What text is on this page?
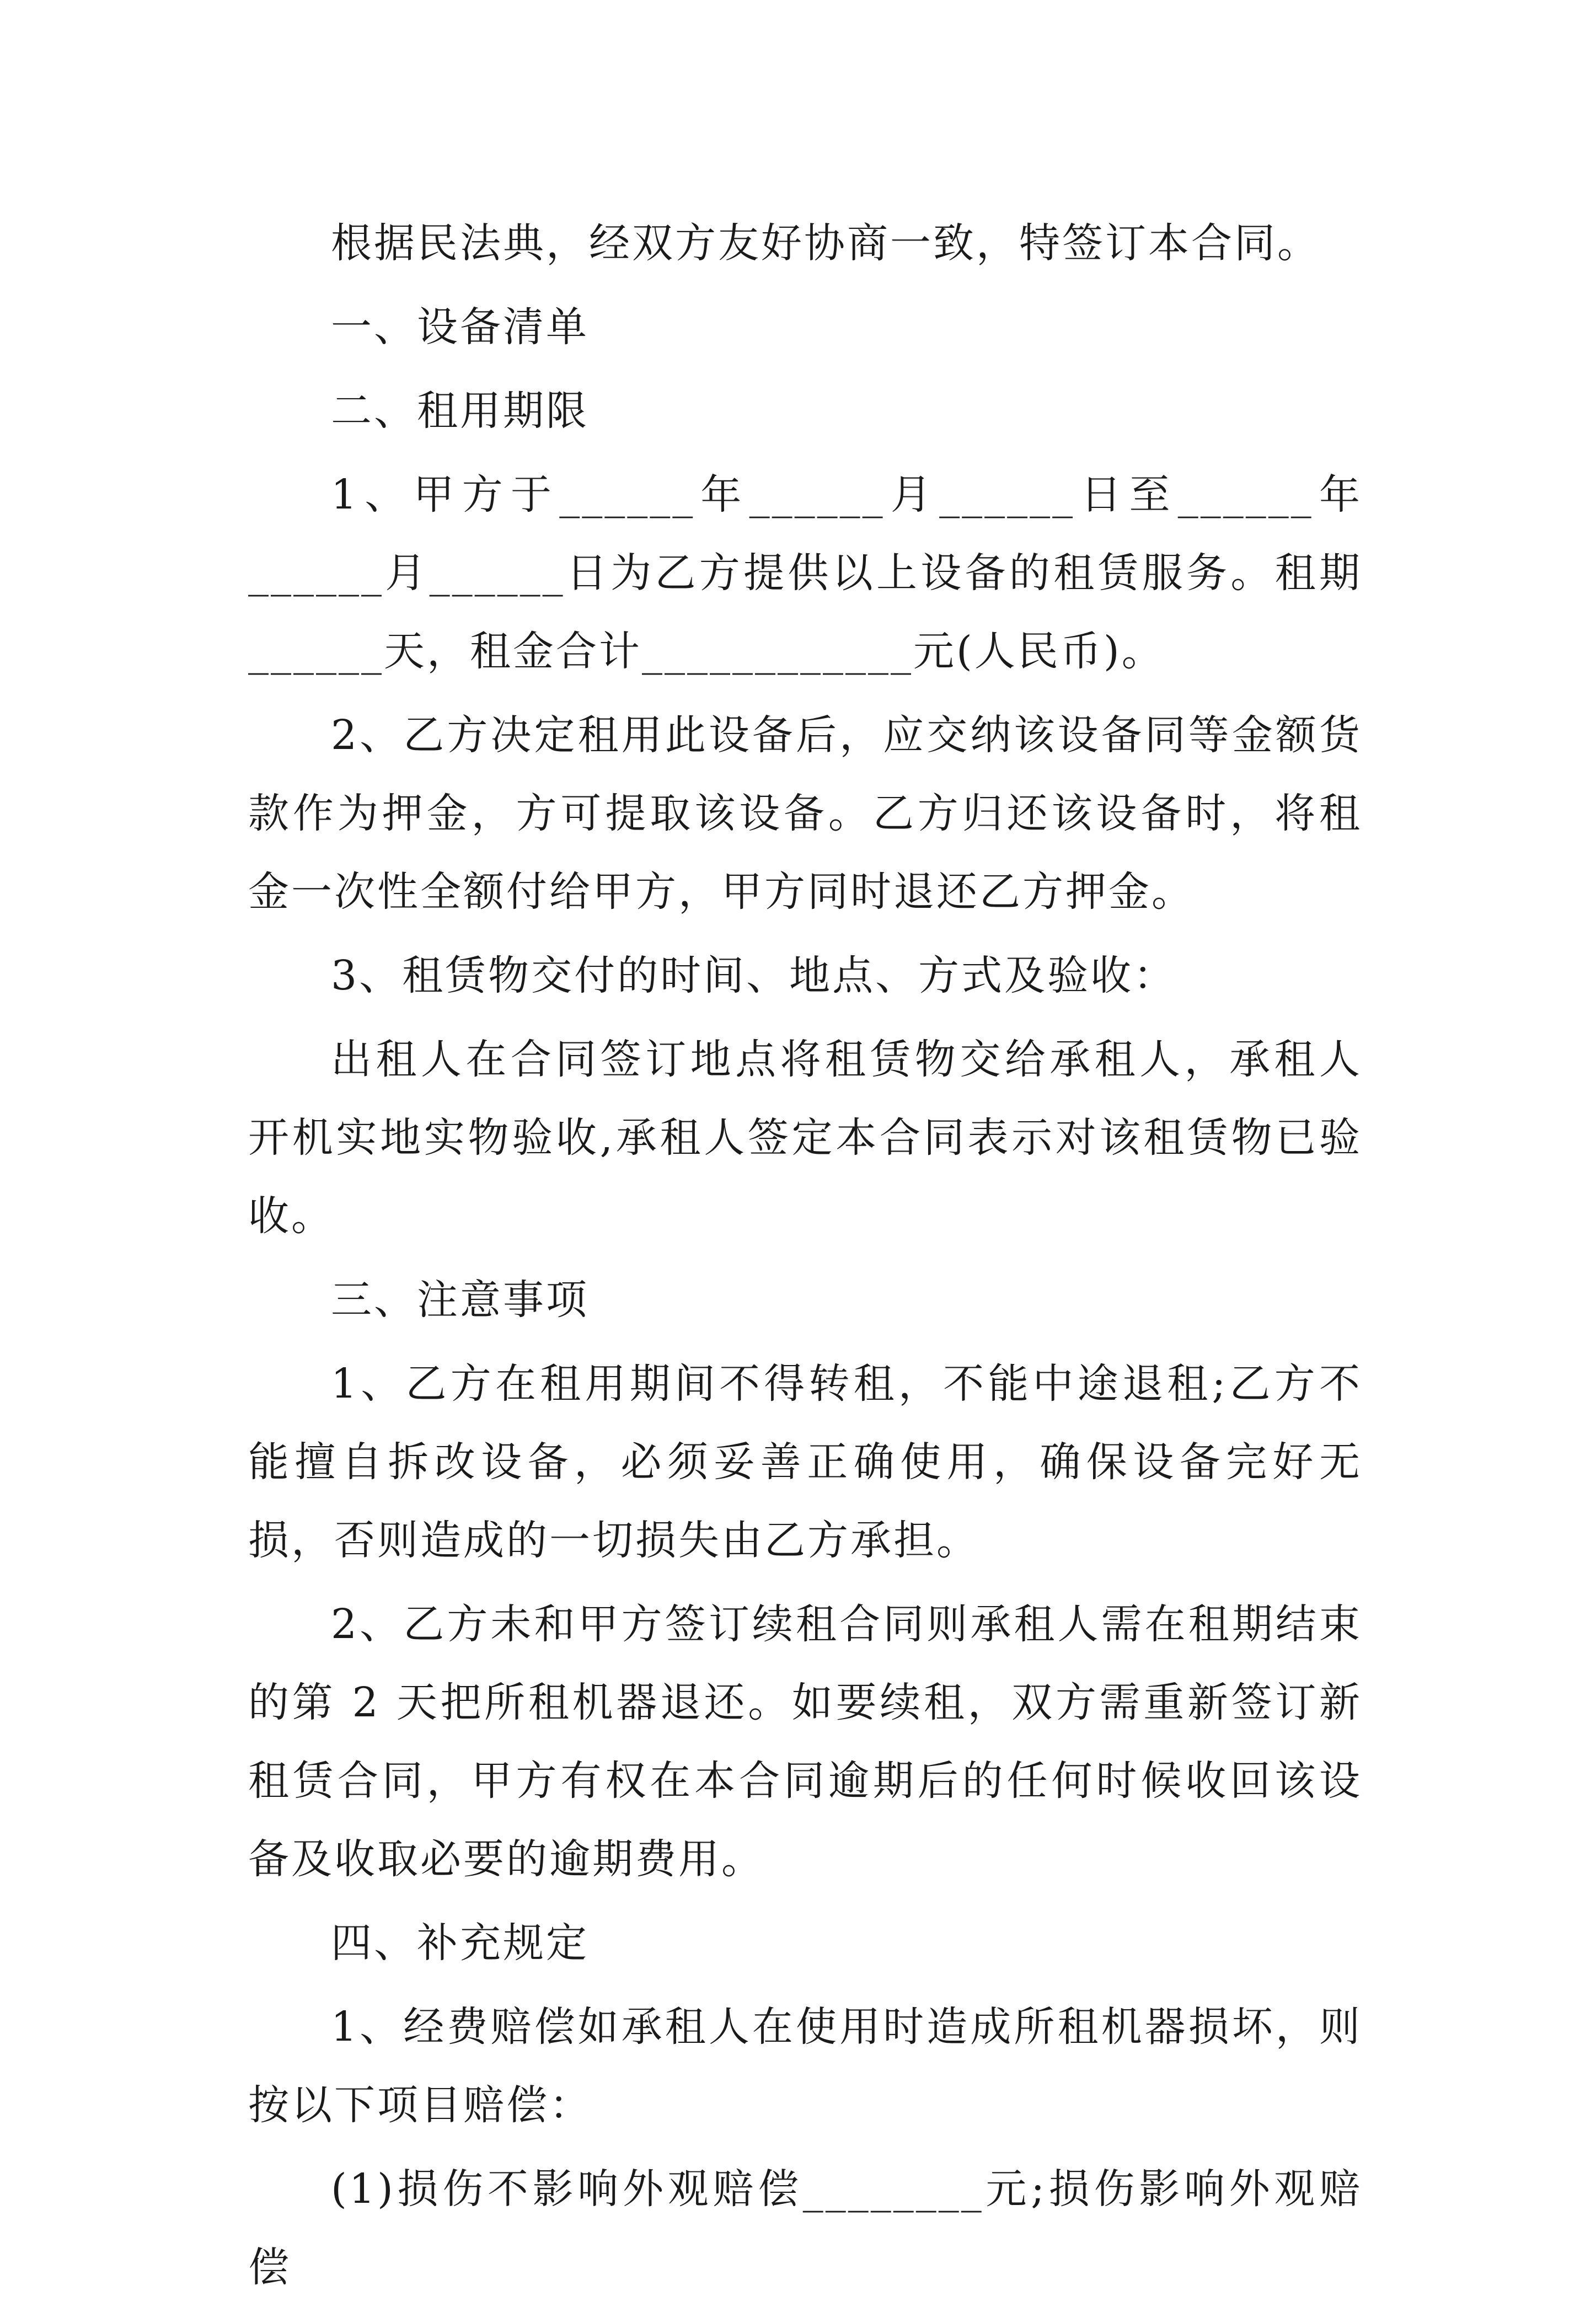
根据民法典，经双方友好协商一致，特签订本合同。

一、设备清单

二、租用期限

1、甲方于______年______月______日至______年______月______日为乙方提供以上设备的租赁服务。租期______天，租金合计____________元(人民币)。

2、乙方决定租用此设备后，应交纳该设备同等金额货款作为押金，方可提取该设备。乙方归还该设备时，将租金一次性全额付给甲方，甲方同时退还乙方押金。

3、租赁物交付的时间、地点、方式及验收：

出租人在合同签订地点将租赁物交给承租人，承租人开机实地实物验收,承租人签定本合同表示对该租赁物已验收。

三、注意事项

1、乙方在租用期间不得转租，不能中途退租;乙方不能擅自拆改设备，必须妥善正确使用，确保设备完好无损，否则造成的一切损失由乙方承担。

2、乙方未和甲方签订续租合同则承租人需在租期结束的第 2 天把所租机器退还。如要续租，双方需重新签订新租赁合同，甲方有权在本合同逾期后的任何时候收回该设备及收取必要的逾期费用。

四、补充规定

1、经费赔偿如承租人在使用时造成所租机器损坏，则按以下项目赔偿：

(1)损伤不影响外观赔偿________元;损伤影响外观赔偿
